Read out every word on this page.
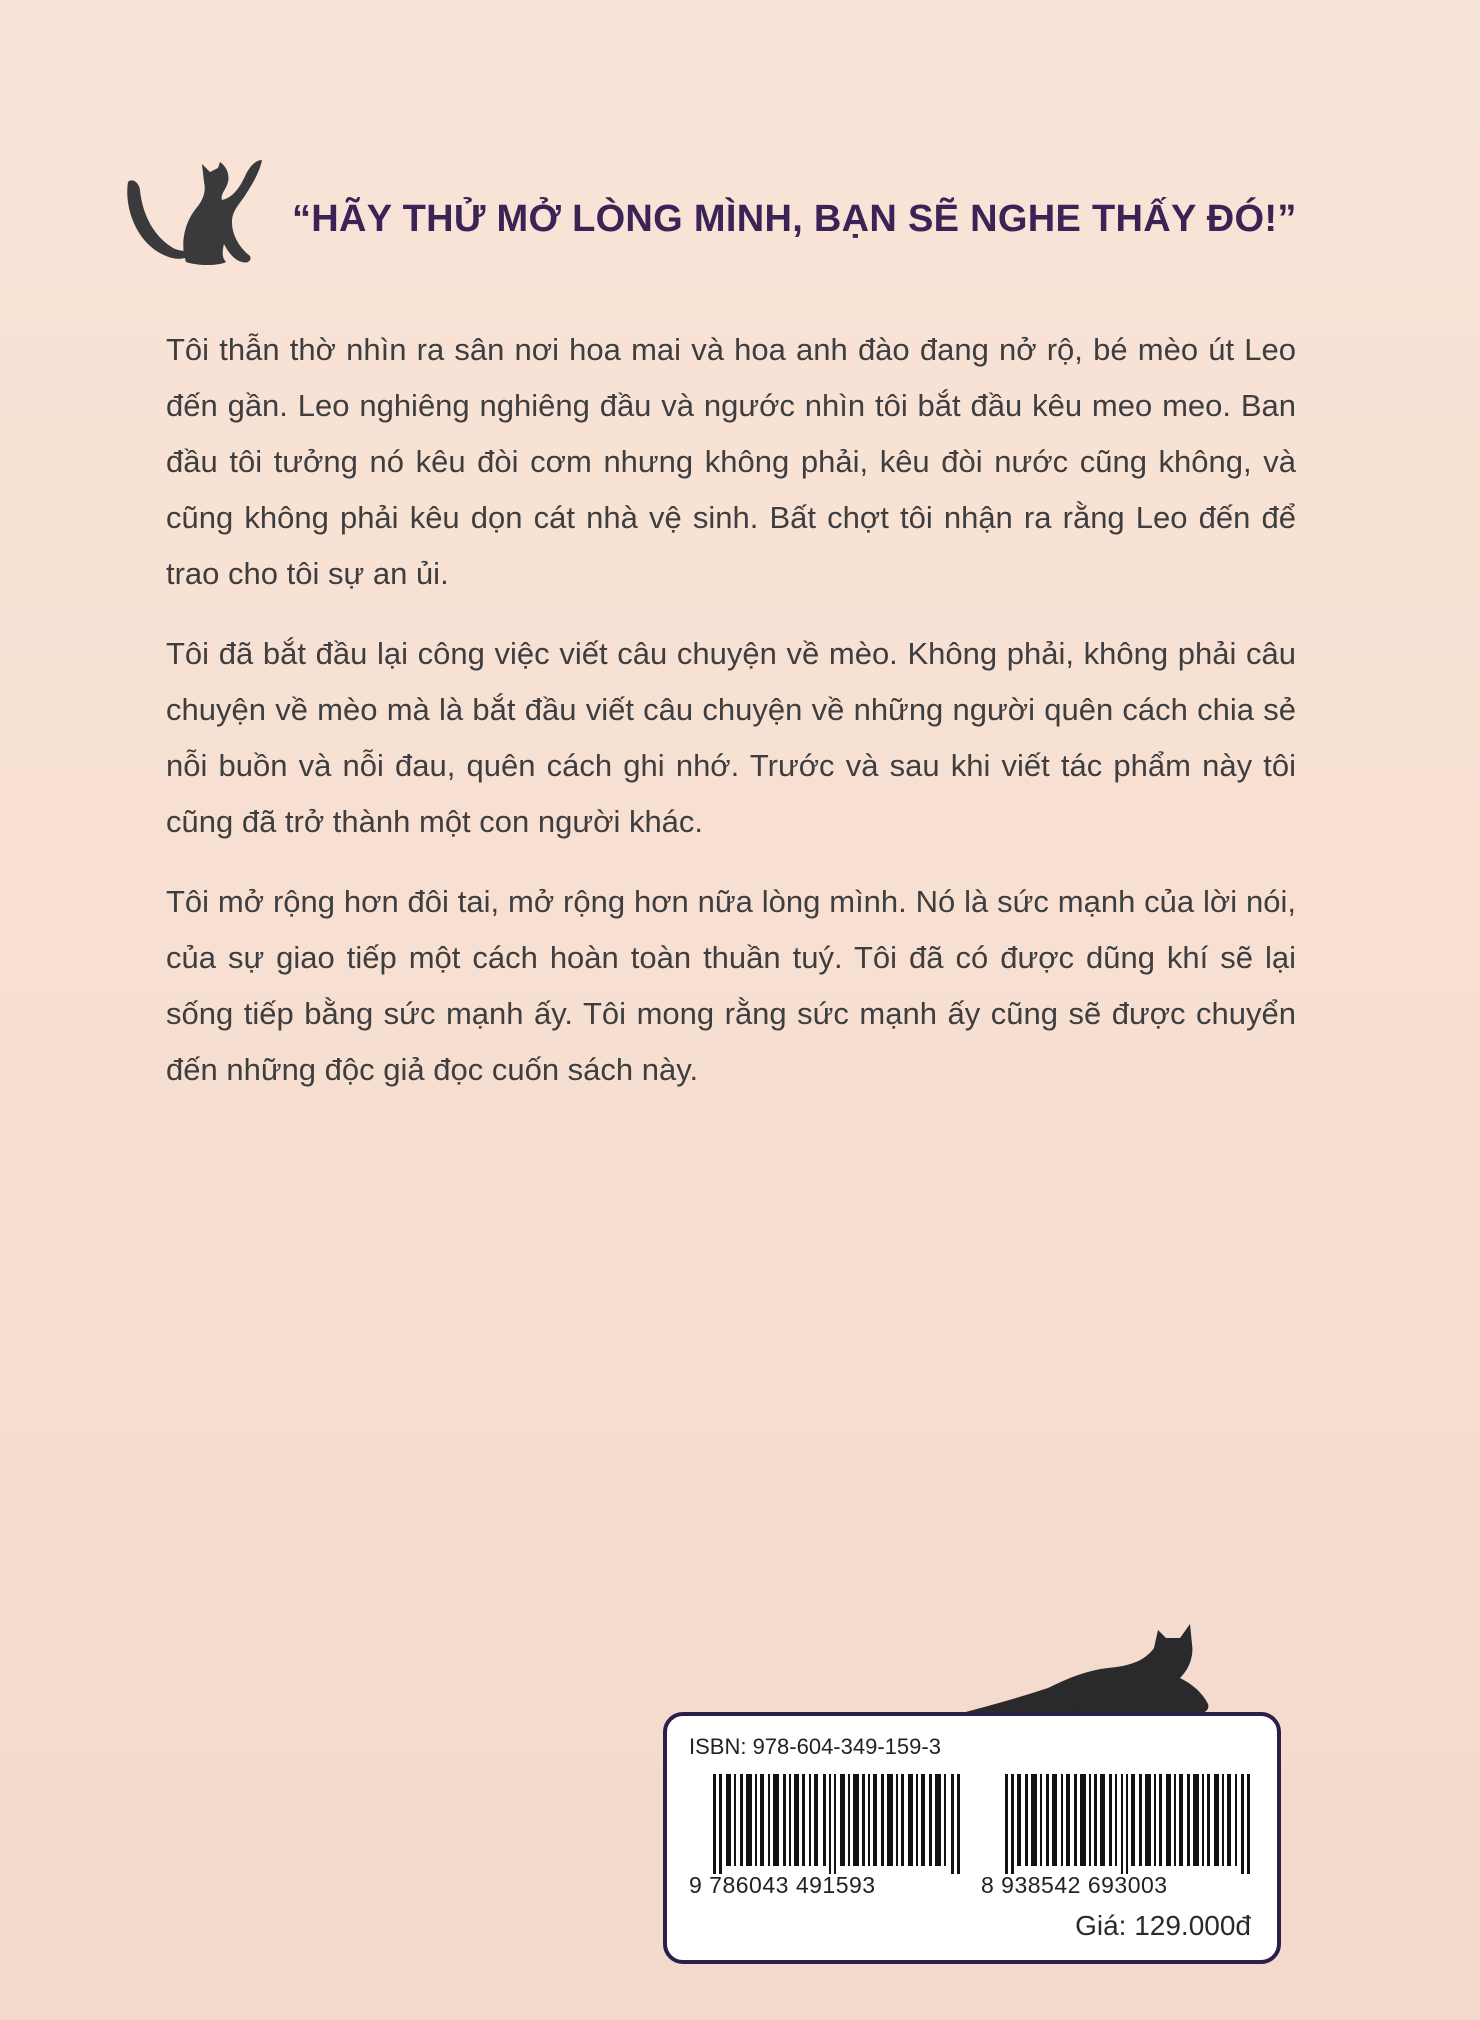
“HÃY THỬ MỞ LÒNG MÌNH, BẠN SẼ NGHE THẤY ĐÓ!”

Tôi thẫn thờ nhìn ra sân nơi hoa mai và hoa anh đào đang nở rộ, bé mèo út Leo đến gần. Leo nghiêng nghiêng đầu và ngước nhìn tôi bắt đầu kêu meo meo. Ban đầu tôi tưởng nó kêu đòi cơm nhưng không phải, kêu đòi nước cũng không, và cũng không phải kêu dọn cát nhà vệ sinh. Bất chợt tôi nhận ra rằng Leo đến để trao cho tôi sự an ủi.

Tôi đã bắt đầu lại công việc viết câu chuyện về mèo. Không phải, không phải câu chuyện về mèo mà là bắt đầu viết câu chuyện về những người quên cách chia sẻ nỗi buồn và nỗi đau, quên cách ghi nhớ. Trước và sau khi viết tác phẩm này tôi cũng đã trở thành một con người khác.

Tôi mở rộng hơn đôi tai, mở rộng hơn nữa lòng mình. Nó là sức mạnh của lời nói, của sự giao tiếp một cách hoàn toàn thuần tuý. Tôi đã có được dũng khí sẽ lại sống tiếp bằng sức mạnh ấy. Tôi mong rằng sức mạnh ấy cũng sẽ được chuyển đến những độc giả đọc cuốn sách này.

ISBN: 978-604-349-159-3
9 786043 491593	8 938542 693003
Giá: 129.000đ
